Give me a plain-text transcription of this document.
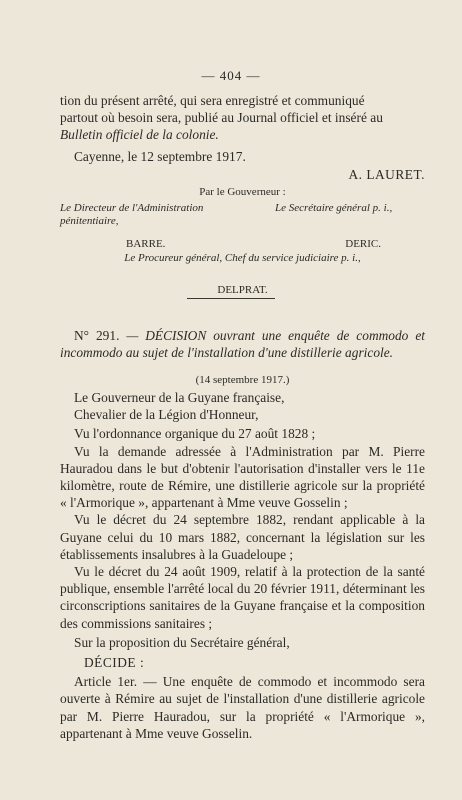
— 404 —

tion du présent arrêté, qui sera enregistré et communiqué

partout où besoin sera, publié au Journal officiel et inséré au

Bulletin officiel de la colonie.

Cayenne, le 12 septembre 1917.

A. LAURET.
Par le Gouverneur :
Le Directeur de l'Administration pénitentiaire,
Le Secrétaire général p. i.,
BARRE.	DERIC.
Le Procureur général, Chef du service judiciaire p. i.,
DELPRAT.

N° 291. — DÉCISION ouvrant une enquête de commodo et incommodo au sujet de l'installation d'une distillerie agricole.

(14 septembre 1917.)

Le Gouverneur de la Guyane française,

Chevalier de la Légion d'Honneur,

Vu l'ordonnance organique du 27 août 1828 ;

Vu la demande adressée à l'Administration par M. Pierre Hauradou dans le but d'obtenir l'autorisation d'installer vers le 11e kilomètre, route de Rémire, une distillerie agricole sur la propriété « l'Armorique », appartenant à Mme veuve Gosselin ;

Vu le décret du 24 septembre 1882, rendant applicable à la Guyane celui du 10 mars 1882, concernant la législation sur les établissements insalubres à la Guadeloupe ;

Vu le décret du 24 août 1909, relatif à la protection de la santé publique, ensemble l'arrêté local du 20 février 1911, déterminant les circonscriptions sanitaires de la Guyane française et la composition des commissions sanitaires ;

Sur la proposition du Secrétaire général,

DÉCIDE :

Article 1er. — Une enquête de commodo et incommodo sera ouverte à Rémire au sujet de l'installation d'une distillerie agricole par M. Pierre Hauradou, sur la propriété « l'Armorique », appartenant à Mme veuve Gosselin.
